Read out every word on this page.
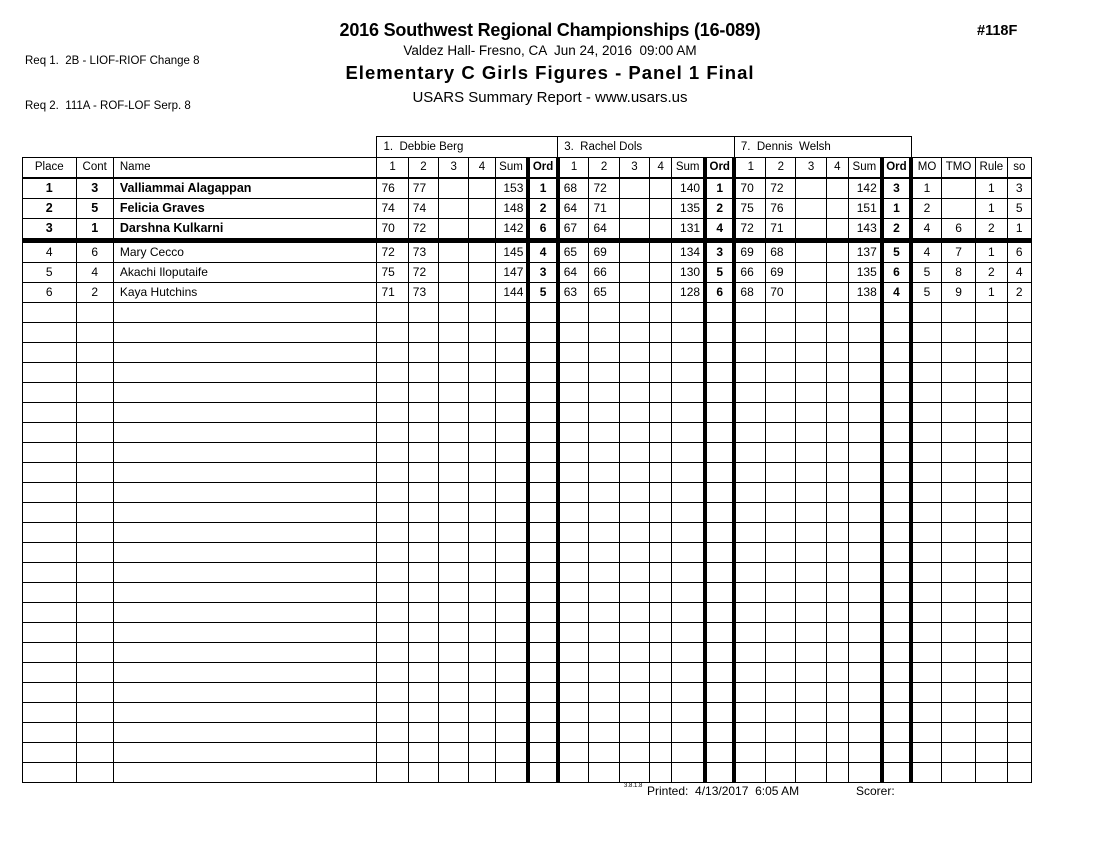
Req 1.  2B - LIOF-RIOF Change 8

Req 2.  111A - ROF-LOF Serp. 8

2016 Southwest Regional Championships (16-089)
Valdez Hall- Fresno, CA  Jun 24, 2016  09:00 AM
Elementary C Girls Figures - Panel 1 Final
USARS Summary Report - www.usars.us
#118F
			1.  Debbie Berg						3.  Rachel Dols						7.  Dennis  Welsh									
Place	Cont	Name	1	2	3	4	Sum	Ord	1	2	3	4	Sum	Ord	1	2	3	4	Sum	Ord	MO	TMO	Rule	so
1	3	Valliammai Alagappan	76	77			153	1	68	72			140	1	70	72			142	3	1		1	3
2	5	Felicia Graves	74	74			148	2	64	71			135	2	75	76			151	1	2		1	5
3	1	Darshna Kulkarni	70	72			142	6	67	64			131	4	72	71			143	2	4	6	2	1
4	6	Mary Cecco	72	73			145	4	65	69			134	3	69	68			137	5	4	7	1	6
5	4	Akachi Iloputaife	75	72			147	3	64	66			130	5	66	69			135	6	5	8	2	4
6	2	Kaya Hutchins	71	73			144	5	63	65			128	6	68	70			138	4	5	9	1	2

3.8.1.8 Printed:  4/13/2017  6:05 AM	Scorer:
